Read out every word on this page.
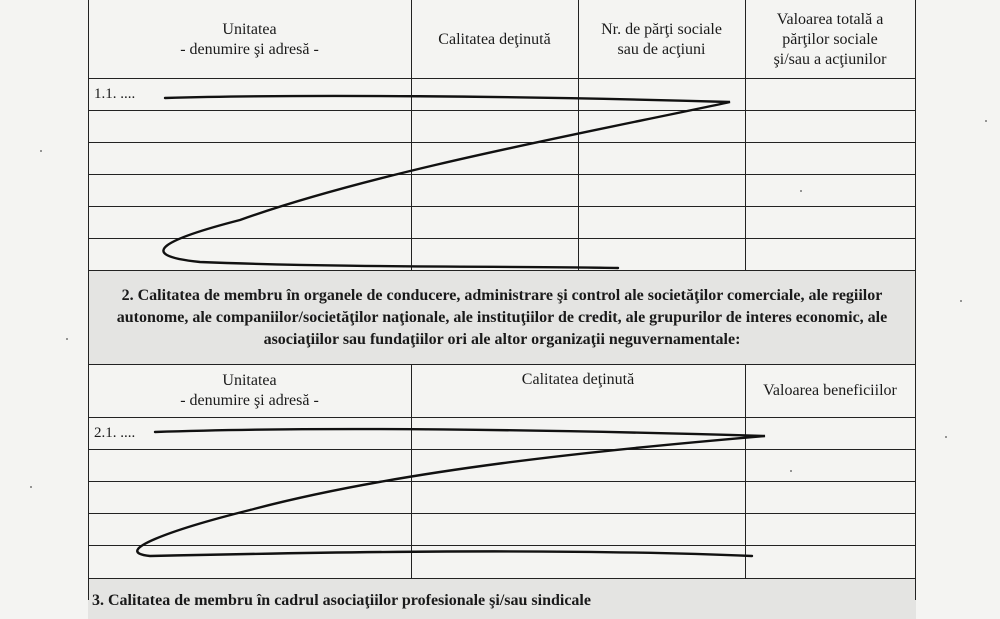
Unitatea
- denumire şi adresă -
Calitatea deţinută
Nr. de părţi sociale
sau de acţiuni
Valoarea totală a
părţilor sociale
şi/sau a acţiunilor
1.1. ....
2. Calitatea de membru în organele de conducere, administrare şi control ale societăţilor comerciale, ale regiilor autonome, ale companiilor/societăţilor naţionale, ale instituţiilor de credit, ale grupurilor de interes economic, ale asociaţiilor sau fundaţiilor ori ale altor organizaţii neguvernamentale:
Unitatea
- denumire şi adresă -
Calitatea deţinută
Valoarea beneficiilor
2.1. ....
3. Calitatea de membru în cadrul asociaţiilor profesionale şi/sau sindicale
